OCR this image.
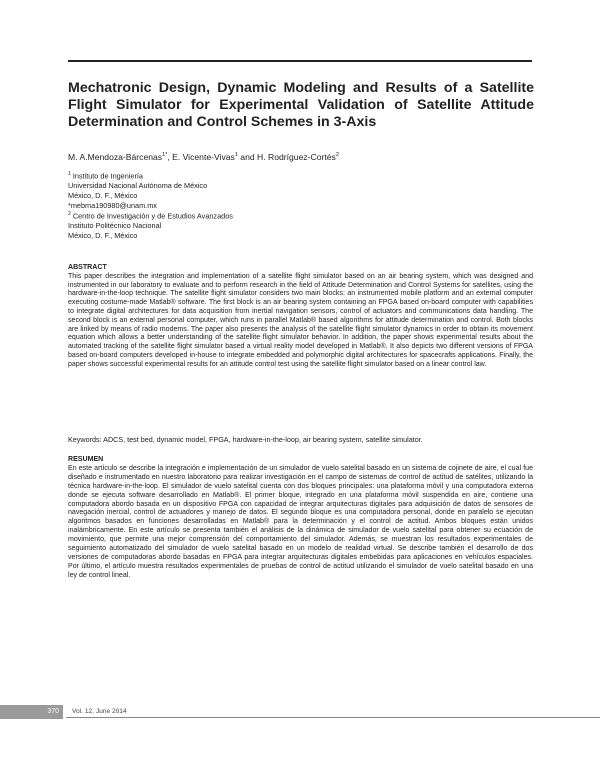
Mechatronic Design, Dynamic Modeling and Results of a Satellite Flight Simulator for Experimental Validation of Satellite Attitude Determination and Control Schemes in 3-Axis
M. A.Mendoza-Bárcenas$^{1*}$, E. Vicente-Vivas$^1$ and H. Rodríguez-Cortés$^2$
$^1$ Instituto de Ingeniería
Universidad Nacional Autónoma de México
México, D. F., México
*mebma190980@unam.mx
$^2$ Centro de Investigación y de Estudios Avanzados
Instituto Politécnico Nacional
México, D. F., México
ABSTRACT
This paper describes the integration and implementation of a satellite flight simulator based on an air bearing system, which was designed and instrumented in our laboratory to evaluate and to perform research in the field of Attitude Determination and Control Systems for satellites, using the hardware-in-the-loop technique. The satellite flight simulator considers two main blocks: an instrumented mobile platform and an external computer executing costume-made Matlab® software. The first block is an air bearing system containing an FPGA based on-board computer with capabilities to integrate digital architectures for data acquisition from inertial navigation sensors, control of actuators and communications data handling. The second block is an external personal computer, which runs in parallel Matlab® based algorithms for attitude determination and control. Both blocks are linked by means of radio modems. The paper also presents the analysis of the satellite flight simulator dynamics in order to obtain its movement equation which allows a better understanding of the satellite flight simulator behavior. In addition, the paper shows experimental results about the automated tracking of the satellite flight simulator based a virtual reality model developed in Matlab®. It also depicts two different versions of FPGA based on-board computers developed in-house to integrate embedded and polymorphic digital architectures for spacecrafts applications. Finally, the paper shows successful experimental results for an attitude control test using the satellite flight simulator based on a linear control law.
Keywords: ADCS, test bed, dynamic model, FPGA, hardware-in-the-loop, air bearing system, satellite simulator.
RESUMEN
En este artículo se describe la integración e implementación de un simulador de vuelo satelital basado en un sistema de cojinete de aire, el cual fue diseñado e instrumentado en nuestro laboratorio para realizar investigación en el campo de sistemas de control de actitud de satélites, utilizando la técnica hardware-in-the-loop. El simulador de vuelo satelital cuenta con dos bloques principales: una plataforma móvil y una computadora externa donde se ejecuta software desarrollado en Matlab®. El primer bloque, integrado en una plataforma móvil suspendida en aire, contiene una computadora abordo basada en un dispositivo FPGA con capacidad de integrar arquitecturas digitales para adquisición de datos de sensores de navegación inercial, control de actuadores y manejo de datos. El segundo bloque es una computadora personal, donde en paralelo se ejecutan algoritmos basados en funciones desarrolladas en Matlab® para la determinación y el control de actitud. Ambos bloques están unidos inalámbricamente. En este artículo se presenta también el análisis de la dinámica de simulador de vuelo satelital para obtener su ecuación de movimiento, que permite una mejor comprensión del comportamiento del simulador. Además, se muestran los resultados experimentales de seguimiento automatizado del simulador de vuelo satelital basado en un modelo de realidad virtual. Se describe también el desarrollo de dos versiones de computadoras abordo basadas en FPGA para integrar arquitecturas digitales embebidas para aplicaciones en vehículos espaciales. Por último, el artículo muestra resultados experimentales de pruebas de control de actitud utilizando el simulador de vuelo satelital basado en una ley de control lineal.
370	Vol. 12, June 2014
